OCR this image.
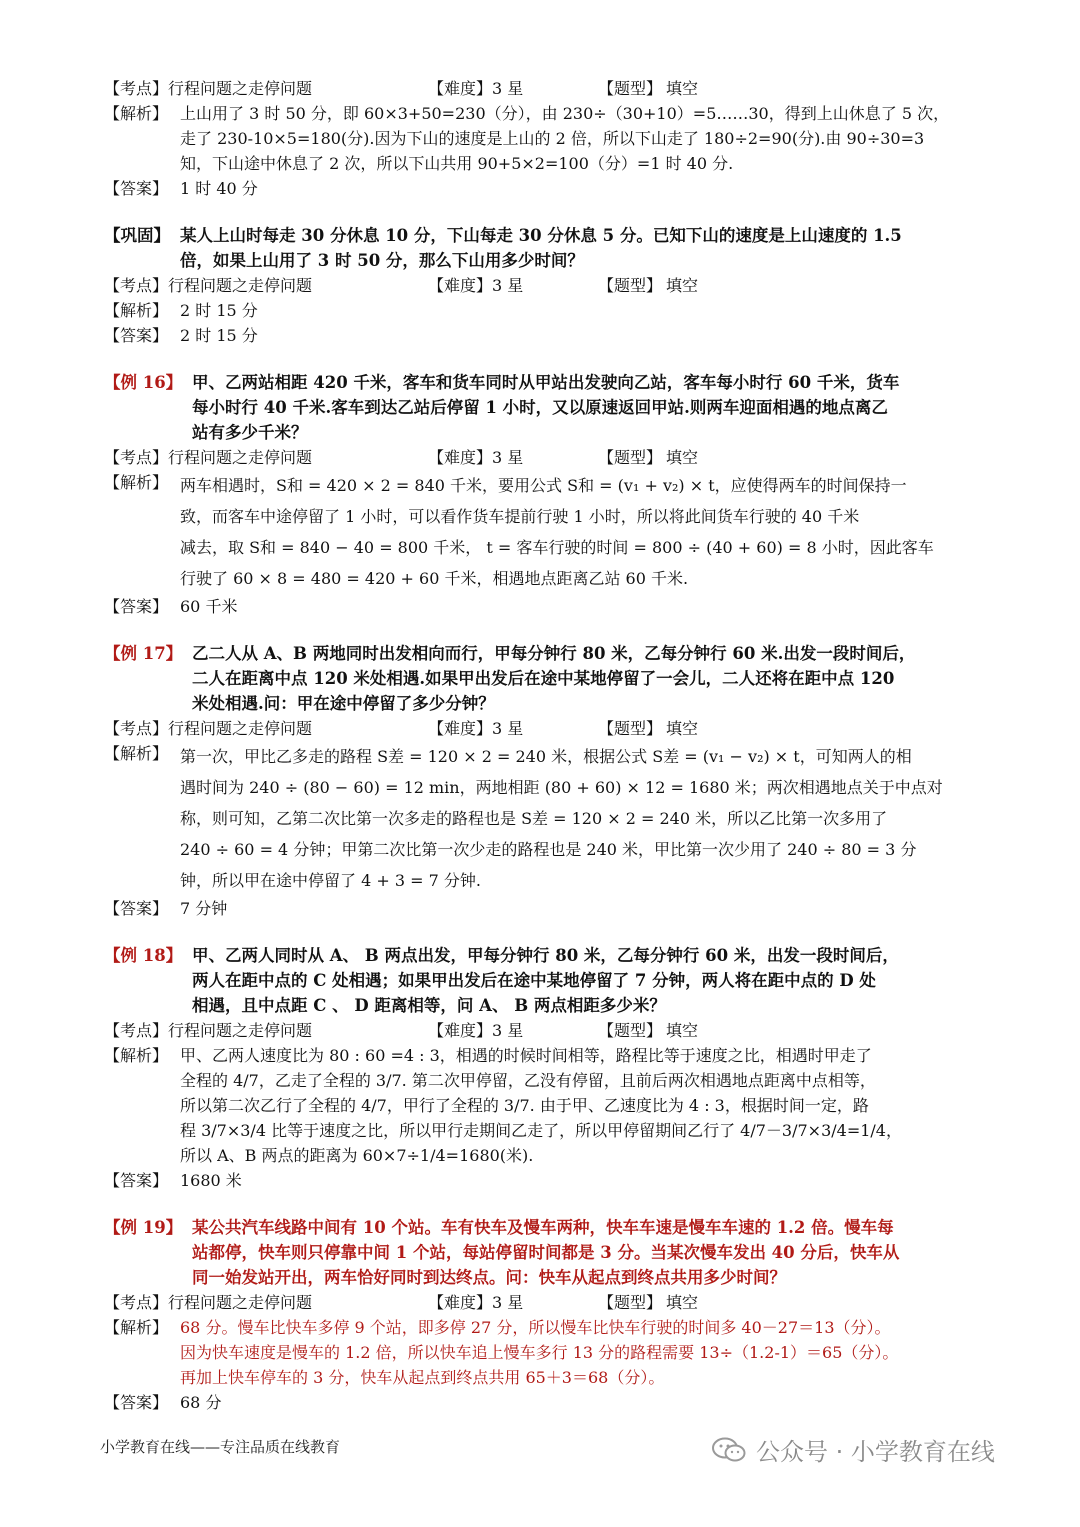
【考点】行程问题之走停问题	【难度】3 星	【题型】 填空
【解析】 上山用了 3 时 50 分，即 60×3+50=230（分），由 230÷（30+10）=5……30，得到上山休息了 5 次，
走了 230-10×5=180(分).因为下山的速度是上山的 2 倍，所以下山走了 180÷2=90(分).由 90÷30=3
知，下山途中休息了 2 次，所以下山共用 90+5×2=100（分）=1 时 40 分.
【答案】 1 时 40 分
【巩固】 某人上山时每走 30 分休息 10 分，下山每走 30 分休息 5 分。已知下山的速度是上山速度的 1.5
倍，如果上山用了 3 时 50 分，那么下山用多少时间？
【考点】行程问题之走停问题	【难度】3 星	【题型】 填空
【解析】 2 时 15 分
【答案】 2 时 15 分
【例 16】 甲、乙两站相距 420 千米，客车和货车同时从甲站出发驶向乙站，客车每小时行 60 千米，货车
每小时行 40 千米.客车到达乙站后停留 1 小时，又以原速返回甲站.则两车迎面相遇的地点离乙
站有多少千米？
【考点】行程问题之走停问题	【难度】3 星	【题型】 填空
【解析】 两车相遇时，S和 = 420 × 2 = 840 千米，要用公式 S和 = (v₁ + v₂) × t，应使得两车的时间保持一
致，而客车中途停留了 1 小时，可以看作货车提前行驶 1 小时，所以将此间货车行驶的 40 千米
减去，取 S和 = 840 − 40 = 800 千米， t = 客车行驶的时间 = 800 ÷ (40 + 60) = 8 小时，因此客车
行驶了 60 × 8 = 480 = 420 + 60 千米，相遇地点距离乙站 60 千米.
【答案】 60 千米
【例 17】 乙二人从 A、B 两地同时出发相向而行，甲每分钟行 80 米，乙每分钟行 60 米.出发一段时间后，
二人在距离中点 120 米处相遇.如果甲出发后在途中某地停留了一会儿，二人还将在距中点 120
米处相遇.问：甲在途中停留了多少分钟？
【考点】行程问题之走停问题	【难度】3 星	【题型】 填空
【解析】 第一次，甲比乙多走的路程 S差 = 120 × 2 = 240 米，根据公式 S差 = (v₁ − v₂) × t，可知两人的相
遇时间为 240 ÷ (80 − 60) = 12 min，两地相距 (80 + 60) × 12 = 1680 米；两次相遇地点关于中点对
称，则可知，乙第二次比第一次多走的路程也是 S差 = 120 × 2 = 240 米，所以乙比第一次多用了
240 ÷ 60 = 4 分钟；甲第二次比第一次少走的路程也是 240 米，甲比第一次少用了 240 ÷ 80 = 3 分
钟，所以甲在途中停留了 4 + 3 = 7 分钟.
【答案】 7 分钟
【例 18】 甲、乙两人同时从 A、 B 两点出发，甲每分钟行 80 米，乙每分钟行 60 米，出发一段时间后，
两人在距中点的 C 处相遇；如果甲出发后在途中某地停留了 7 分钟，两人将在距中点的 D 处
相遇，且中点距 C 、 D 距离相等，问 A、 B 两点相距多少米？
【考点】行程问题之走停问题	【难度】3 星	【题型】 填空
【解析】 甲、乙两人速度比为 80 : 60 =4 : 3，相遇的时候时间相等，路程比等于速度之比，相遇时甲走了
全程的 4/7，乙走了全程的 3/7. 第二次甲停留，乙没有停留，且前后两次相遇地点距离中点相等，
所以第二次乙行了全程的 4/7，甲行了全程的 3/7. 由于甲、乙速度比为 4 : 3，根据时间一定，路
程 3/7×3/4 比等于速度之比，所以甲行走期间乙走了，所以甲停留期间乙行了 4/7－3/7×3/4=1/4，
所以 A、B 两点的距离为 60×7÷1/4=1680(米).
【答案】 1680 米
【例 19】 某公共汽车线路中间有 10 个站。车有快车及慢车两种，快车车速是慢车车速的 1.2 倍。慢车每
站都停，快车则只停靠中间 1 个站，每站停留时间都是 3 分。当某次慢车发出 40 分后，快车从
同一始发站开出，两车恰好同时到达终点。问：快车从起点到终点共用多少时间？
【考点】行程问题之走停问题	【难度】3 星	【题型】 填空
【解析】 68 分。慢车比快车多停 9 个站，即多停 27 分，所以慢车比快车行驶的时间多 40－27＝13（分）。
因为快车速度是慢车的 1.2 倍，所以快车追上慢车多行 13 分的路程需要 13÷（1.2-1）＝65（分）。
再加上快车停车的 3 分，快车从起点到终点共用 65＋3＝68（分）。
【答案】 68 分
小学教育在线——专注品质在线教育	公众号 · 小学教育在线
